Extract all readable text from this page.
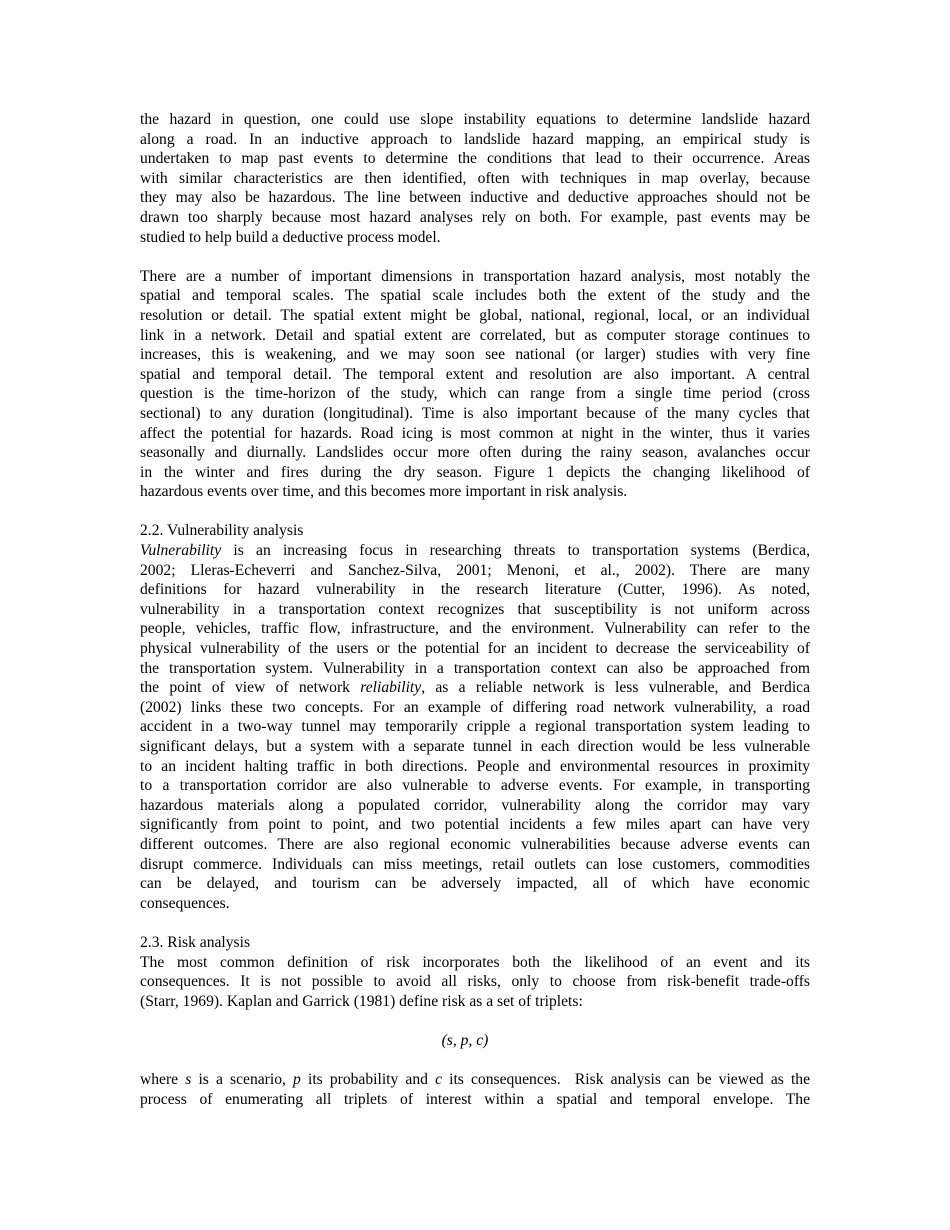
the hazard in question, one could use slope instability equations to determine landslide hazard
along a road. In an inductive approach to landslide hazard mapping, an empirical study is
undertaken to map past events to determine the conditions that lead to their occurrence. Areas
with similar characteristics are then identified, often with techniques in map overlay, because
they may also be hazardous. The line between inductive and deductive approaches should not be
drawn too sharply because most hazard analyses rely on both. For example, past events may be
studied to help build a deductive process model.
There are a number of important dimensions in transportation hazard analysis, most notably the
spatial and temporal scales. The spatial scale includes both the extent of the study and the
resolution or detail. The spatial extent might be global, national, regional, local, or an individual
link in a network. Detail and spatial extent are correlated, but as computer storage continues to
increases, this is weakening, and we may soon see national (or larger) studies with very fine
spatial and temporal detail. The temporal extent and resolution are also important. A central
question is the time-horizon of the study, which can range from a single time period (cross
sectional) to any duration (longitudinal). Time is also important because of the many cycles that
affect the potential for hazards. Road icing is most common at night in the winter, thus it varies
seasonally and diurnally. Landslides occur more often during the rainy season, avalanches occur
in the winter and fires during the dry season. Figure 1 depicts the changing likelihood of
hazardous events over time, and this becomes more important in risk analysis.
2.2. Vulnerability analysis
Vulnerability is an increasing focus in researching threats to transportation systems (Berdica,
2002; Lleras-Echeverri and Sanchez-Silva, 2001; Menoni, et al., 2002). There are many
definitions for hazard vulnerability in the research literature (Cutter, 1996). As noted,
vulnerability in a transportation context recognizes that susceptibility is not uniform across
people, vehicles, traffic flow, infrastructure, and the environment. Vulnerability can refer to the
physical vulnerability of the users or the potential for an incident to decrease the serviceability of
the transportation system. Vulnerability in a transportation context can also be approached from
the point of view of network reliability, as a reliable network is less vulnerable, and Berdica
(2002) links these two concepts. For an example of differing road network vulnerability, a road
accident in a two-way tunnel may temporarily cripple a regional transportation system leading to
significant delays, but a system with a separate tunnel in each direction would be less vulnerable
to an incident halting traffic in both directions. People and environmental resources in proximity
to a transportation corridor are also vulnerable to adverse events. For example, in transporting
hazardous materials along a populated corridor, vulnerability along the corridor may vary
significantly from point to point, and two potential incidents a few miles apart can have very
different outcomes. There are also regional economic vulnerabilities because adverse events can
disrupt commerce. Individuals can miss meetings, retail outlets can lose customers, commodities
can be delayed, and tourism can be adversely impacted, all of which have economic
consequences.
2.3. Risk analysis
The most common definition of risk incorporates both the likelihood of an event and its
consequences. It is not possible to avoid all risks, only to choose from risk-benefit trade-offs
(Starr, 1969). Kaplan and Garrick (1981) define risk as a set of triplets:
(s, p, c)
where s is a scenario, p its probability and c its consequences.  Risk analysis can be viewed as the
process of enumerating all triplets of interest within a spatial and temporal envelope. The
